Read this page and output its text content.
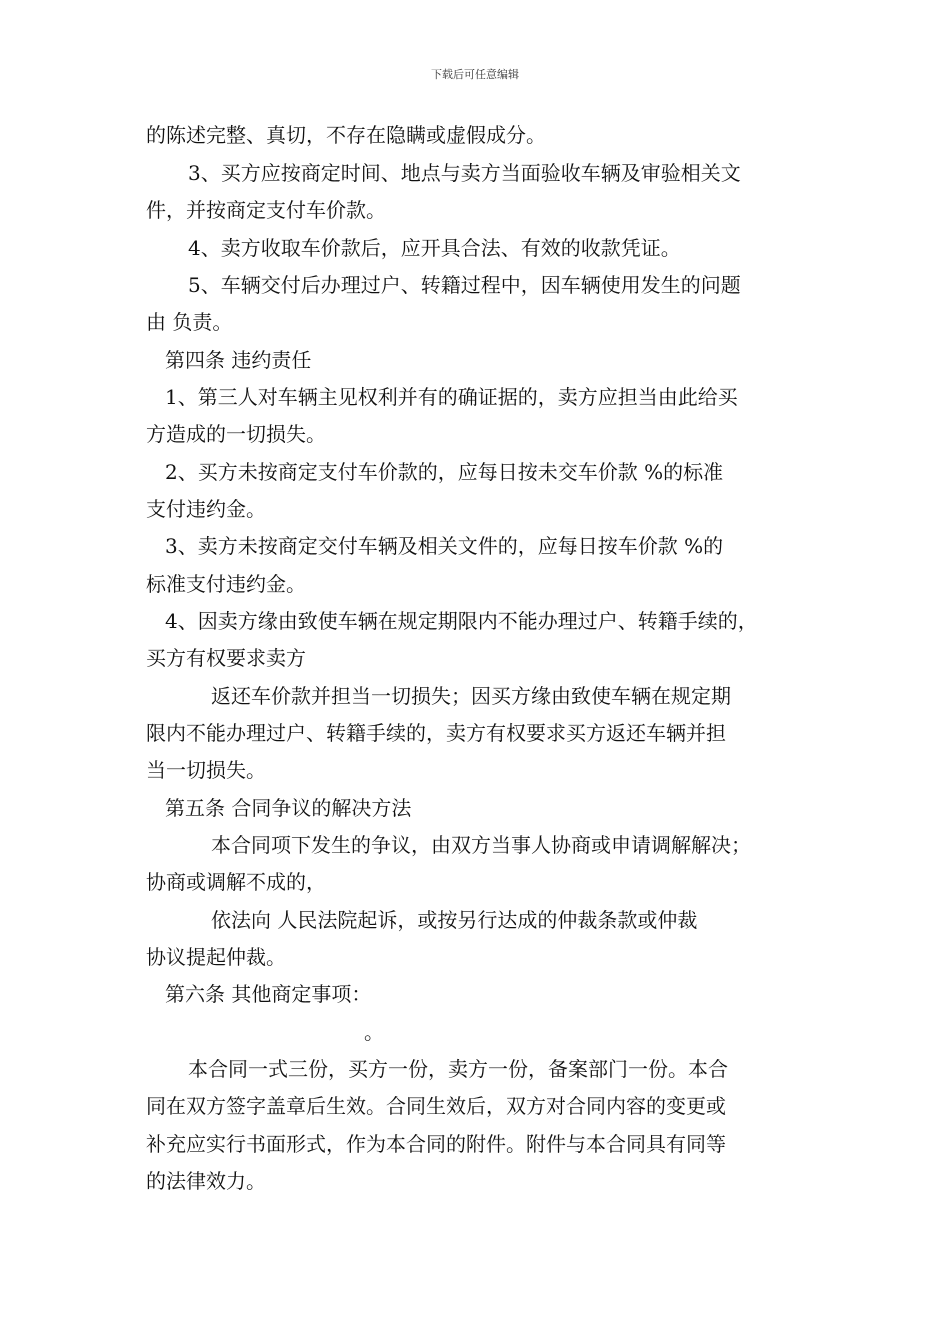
下载后可任意编辑
的陈述完整、真切，不存在隐瞒或虚假成分。
3、买方应按商定时间、地点与卖方当面验收车辆及审验相关文
件，并按商定支付车价款。
4、卖方收取车价款后，应开具合法、有效的收款凭证。
5、车辆交付后办理过户、转籍过程中，因车辆使用发生的问题
由 负责。
第四条 违约责任
1、第三人对车辆主见权利并有的确证据的，卖方应担当由此给买
方造成的一切损失。
2、买方未按商定支付车价款的，应每日按未交车价款 %的标准
支付违约金。
3、卖方未按商定交付车辆及相关文件的，应每日按车价款 %的
标准支付违约金。
4、因卖方缘由致使车辆在规定期限内不能办理过户、转籍手续的，
买方有权要求卖方
返还车价款并担当一切损失；因买方缘由致使车辆在规定期
限内不能办理过户、转籍手续的，卖方有权要求买方返还车辆并担
当一切损失。
第五条 合同争议的解决方法
本合同项下发生的争议，由双方当事人协商或申请调解解决；
协商或调解不成的，
依法向 人民法院起诉，或按另行达成的仲裁条款或仲裁
协议提起仲裁。
第六条 其他商定事项：
。
本合同一式三份，买方一份，卖方一份，备案部门一份。本合
同在双方签字盖章后生效。合同生效后，双方对合同内容的变更或
补充应实行书面形式，作为本合同的附件。附件与本合同具有同等
的法律效力。
